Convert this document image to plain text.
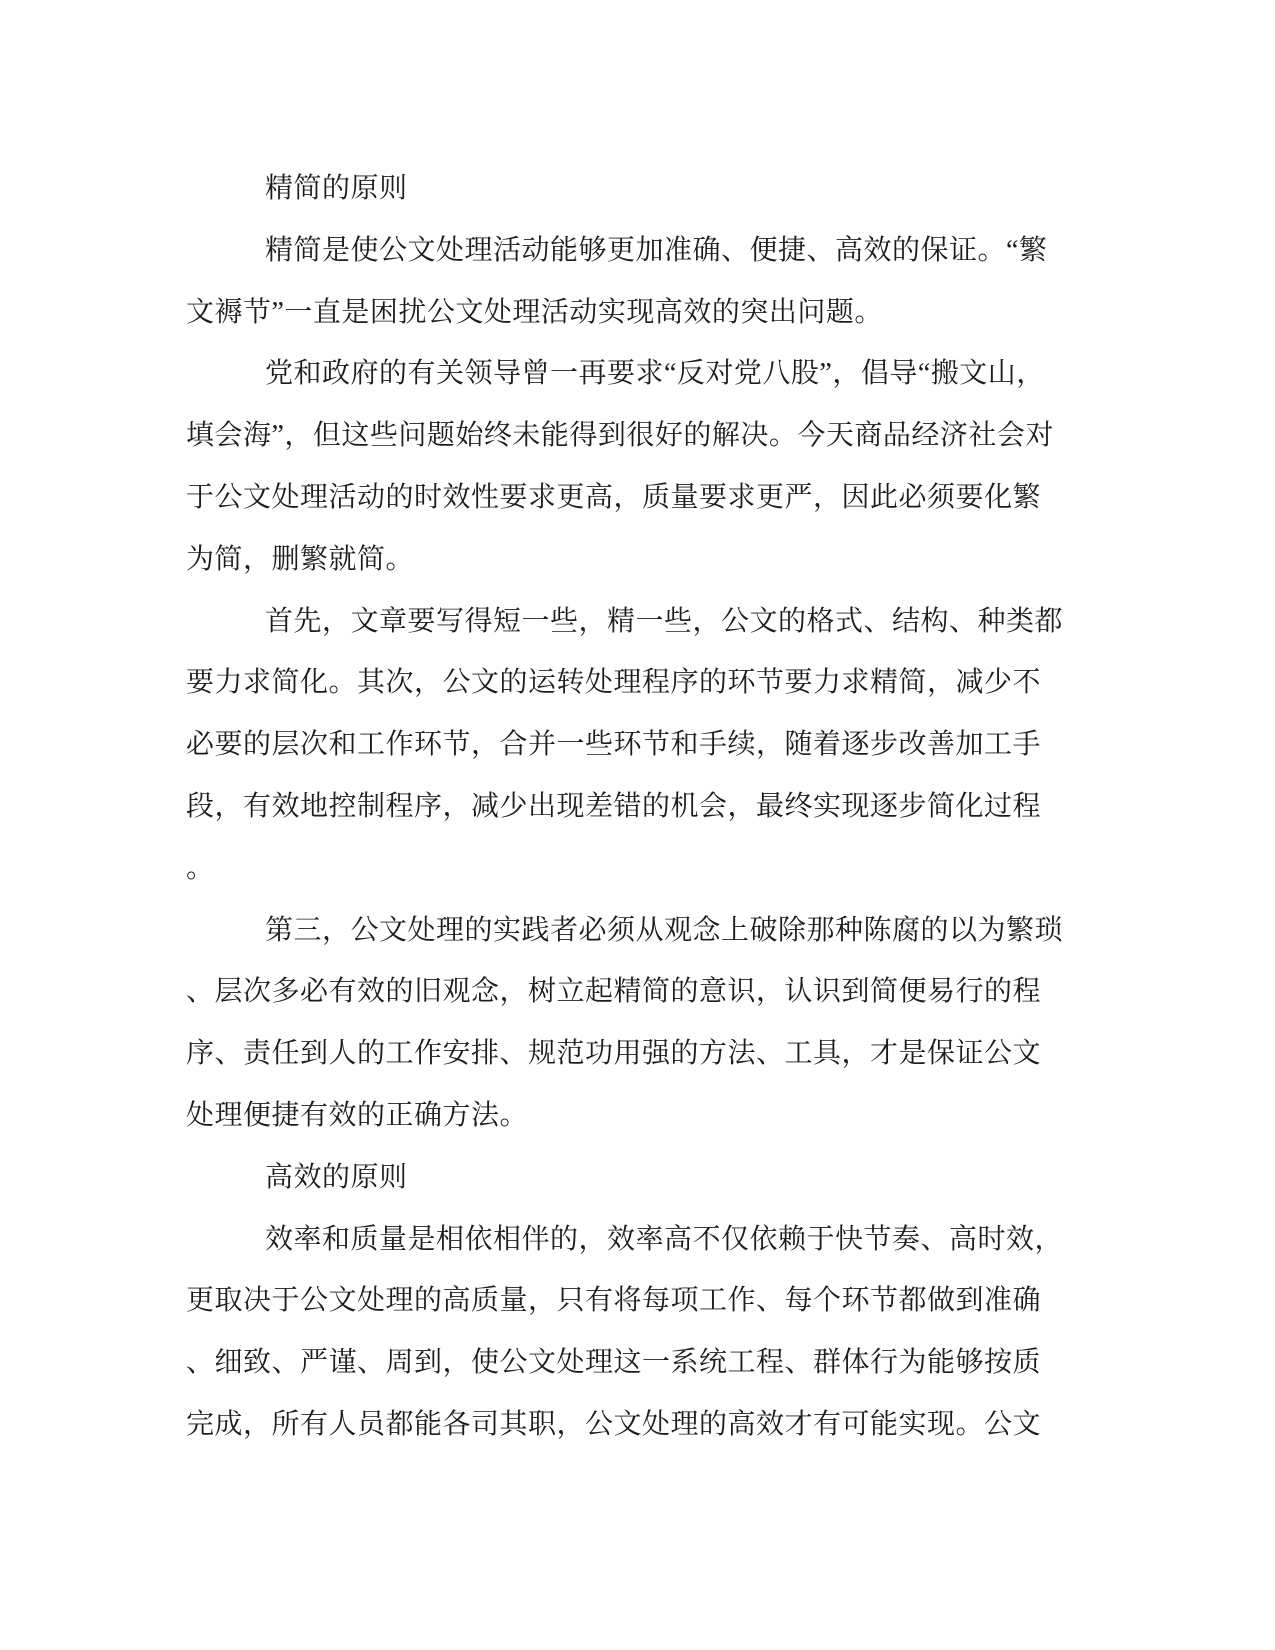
精简的原则
精简是使公文处理活动能够更加准确、便捷、高效的保证。“繁
文褥节”一直是困扰公文处理活动实现高效的突出问题。
党和政府的有关领导曾一再要求“反对党八股”，倡导“搬文山，
填会海”，但这些问题始终未能得到很好的解决。今天商品经济社会对
于公文处理活动的时效性要求更高，质量要求更严，因此必须要化繁
为简，删繁就简。
首先，文章要写得短一些，精一些，公文的格式、结构、种类都
要力求简化。其次，公文的运转处理程序的环节要力求精简，减少不
必要的层次和工作环节，合并一些环节和手续，随着逐步改善加工手
段，有效地控制程序，减少出现差错的机会，最终实现逐步简化过程
。
第三，公文处理的实践者必须从观念上破除那种陈腐的以为繁琐
、层次多必有效的旧观念，树立起精简的意识，认识到简便易行的程
序、责任到人的工作安排、规范功用强的方法、工具，才是保证公文
处理便捷有效的正确方法。
高效的原则
效率和质量是相依相伴的，效率高不仅依赖于快节奏、高时效，
更取决于公文处理的高质量，只有将每项工作、每个环节都做到准确
、细致、严谨、周到，使公文处理这一系统工程、群体行为能够按质
完成，所有人员都能各司其职，公文处理的高效才有可能实现。公文
